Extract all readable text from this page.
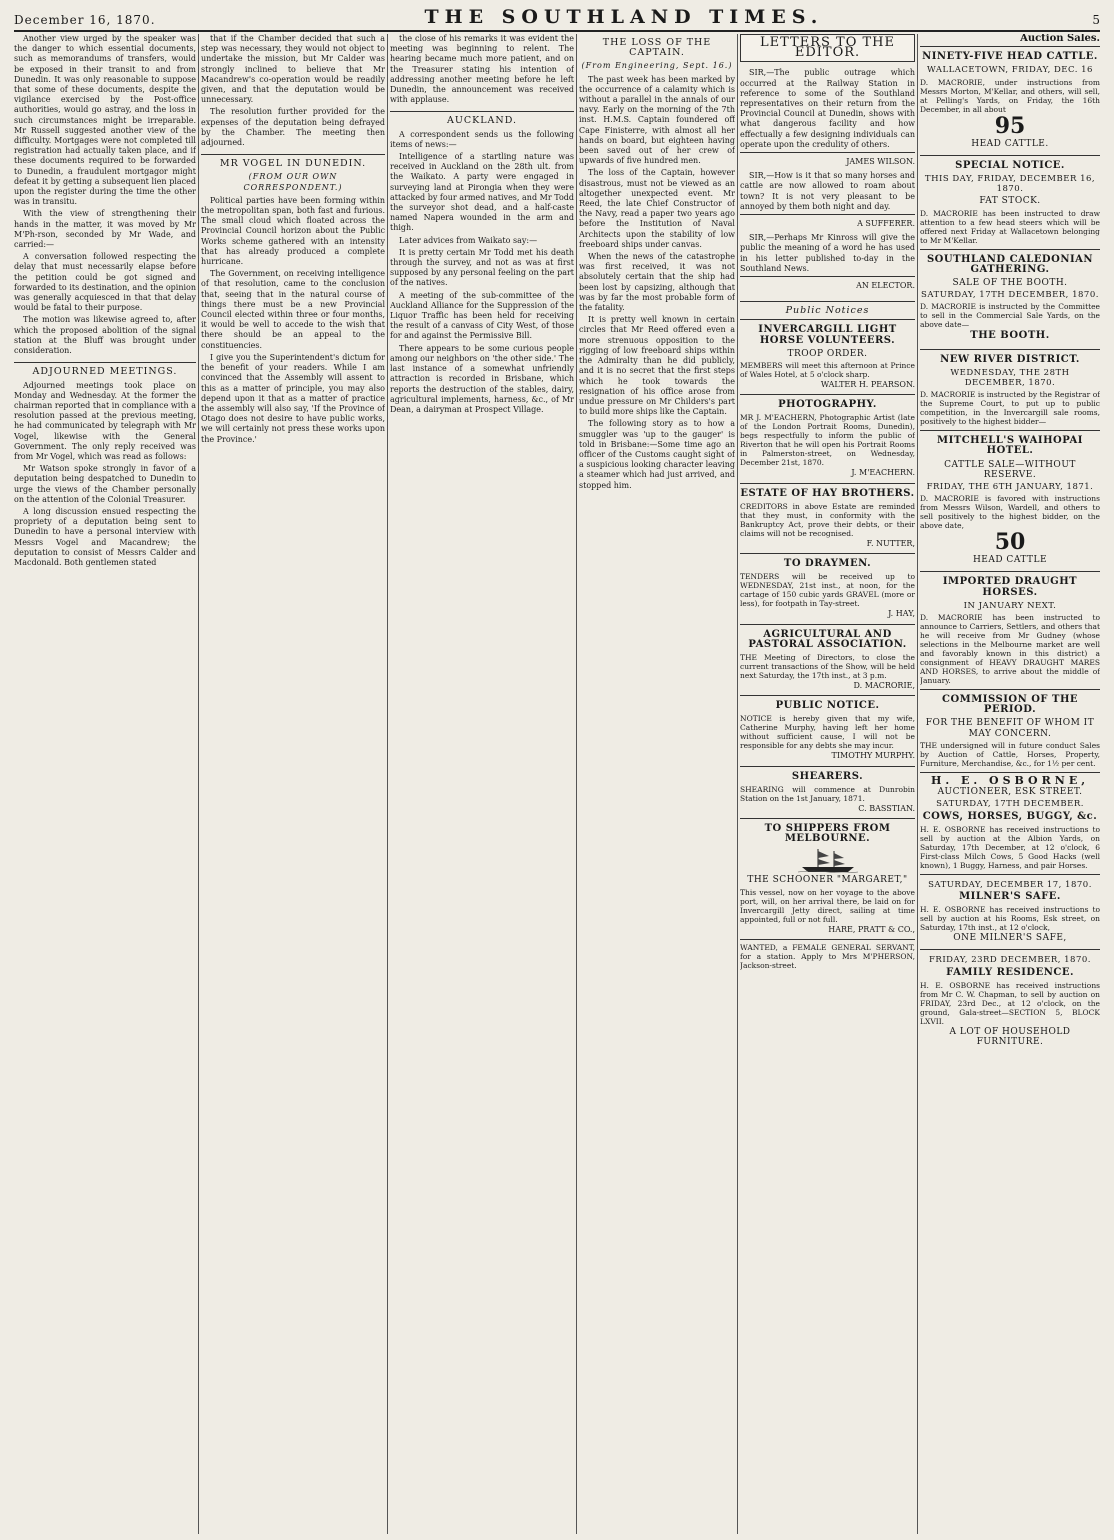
December 16, 1870.	THE SOUTHLAND TIMES.	5

Another view urged by the speaker was the danger to which essential documents, such as memorandums of transfers, would be exposed in their transit to and from Dunedin. It was only reasonable to suppose that some of these documents, despite the vigilance exercised by the Post-office authorities, would go astray, and the loss in such circumstances might be irreparable. Mr Russell suggested another view of the difficulty. Mortgages were not completed till registration had actually taken place, and if these documents required to be forwarded to Dunedin, a fraudulent mortgagor might defeat it by getting a subsequent lien placed upon the register during the time the other was in transitu.

With the view of strengthening their hands in the matter, it was moved by Mr M'Ph-rson, seconded by Mr Wade, and carried:—

A conversation followed respecting the delay that must necessarily elapse before the petition could be got signed and forwarded to its destination, and the opinion was generally acquiesced in that that delay would be fatal to their purpose.

The motion was likewise agreed to, after which the proposed abolition of the signal station at the Bluff was brought under consideration.

ADJOURNED MEETINGS.

Adjourned meetings took place on Monday and Wednesday. At the former the chairman reported that in compliance with a resolution passed at the previous meeting, he had communicated by telegraph with Mr Vogel, likewise with the General Government. The only reply received was from Mr Vogel, which was read as follows:

Mr Watson spoke strongly in favor of a deputation being despatched to Dunedin to urge the views of the Chamber personally on the attention of the Colonial Treasurer.

A long discussion ensued respecting the propriety of a deputation being sent to Dunedin to have a personal interview with Messrs Vogel and Macandrew; the deputation to consist of Messrs Calder and Macdonald. Both gentlemen stated

that if the Chamber decided that such a step was necessary, they would not object to undertake the mission, but Mr Calder was strongly inclined to believe that Mr Macandrew's co-operation would be readily given, and that the deputation would be unnecessary.

The resolution further provided for the expenses of the deputation being defrayed by the Chamber. The meeting then adjourned.

MR VOGEL IN DUNEDIN.
(FROM OUR OWN CORRESPONDENT.)

Political parties have been forming within the metropolitan span, both fast and furious. The small cloud which floated across the Provincial Council horizon about the Public Works scheme gathered with an intensity that has already produced a complete hurricane.

The Government, on receiving intelligence of that resolution, came to the conclusion that, seeing that in the natural course of things there must be a new Provincial Council elected within three or four months, it would be well to accede to the wish that there should be an appeal to the constituencies.

I give you the Superintendent's dictum for the benefit of your readers. While I am convinced that the Assembly will assent to this as a matter of principle, you may also depend upon it that as a matter of practice the assembly will also say, 'If the Province of Otago does not desire to have public works, we will certainly not press these works upon the Province.'

the close of his remarks it was evident the meeting was beginning to relent. The hearing became much more patient, and on the Treasurer stating his intention of addressing another meeting before he left Dunedin, the announcement was received with applause.

AUCKLAND.

A correspondent sends us the following items of news:—

Intelligence of a startling nature was received in Auckland on the 28th ult. from the Waikato. A party were engaged in surveying land at Pirongia when they were attacked by four armed natives, and Mr Todd the surveyor shot dead, and a half-caste named Napera wounded in the arm and thigh.

Later advices from Waikato say:—

It is pretty certain Mr Todd met his death through the survey, and not as was at first supposed by any personal feeling on the part of the natives.

A meeting of the sub-committee of the Auckland Alliance for the Suppression of the Liquor Traffic has been held for receiving the result of a canvass of City West, of those for and against the Permissive Bill.

There appears to be some curious people among our neighbors on 'the other side.' The last instance of a somewhat unfriendly attraction is recorded in Brisbane, which reports the destruction of the stables, dairy, agricultural implements, harness, &c., of Mr Dean, a dairyman at Prospect Village.

THE LOSS OF THE CAPTAIN.
(From Engineering, Sept. 16.)

The past week has been marked by the occurrence of a calamity which is without a parallel in the annals of our navy. Early on the morning of the 7th inst. H.M.S. Captain foundered off Cape Finisterre, with almost all her hands on board, but eighteen having been saved out of her crew of upwards of five hundred men.

The loss of the Captain, however disastrous, must not be viewed as an altogether unexpected event. Mr Reed, the late Chief Constructor of the Navy, read a paper two years ago before the Institution of Naval Architects upon the stability of low freeboard ships under canvas.

When the news of the catastrophe was first received, it was not absolutely certain that the ship had been lost by capsizing, although that was by far the most probable form of the fatality.

It is pretty well known in certain circles that Mr Reed offered even a more strenuous opposition to the rigging of low freeboard ships within the Admiralty than he did publicly, and it is no secret that the first steps which he took towards the resignation of his office arose from undue pressure on Mr Childers's part to build more ships like the Captain.

The following story as to how a smuggler was 'up to the gauger' is told in Brisbane:—Some time ago an officer of the Customs caught sight of a suspicious looking character leaving a steamer which had just arrived, and stopped him.

LETTERS TO THE EDITOR.

SIR,—The public outrage which occurred at the Railway Station in reference to some of the Southland representatives on their return from the Provincial Council at Dunedin, shows with what dangerous facility and how effectually a few designing individuals can operate upon the credulity of others.

JAMES WILSON.

SIR,—How is it that so many horses and cattle are now allowed to roam about town? It is not very pleasant to be annoyed by them both night and day.

A SUFFERER.

SIR,—Perhaps Mr Kinross will give the public the meaning of a word he has used in his letter published to-day in the Southland News.

AN ELECTOR.
Public Notices
INVERCARGILL LIGHT HORSE VOLUNTEERS.
TROOP ORDER.
MEMBERS will meet this afternoon at Prince of Wales Hotel, at 5 o'clock sharp.
WALTER H. PEARSON.
PHOTOGRAPHY.
MR J. M'EACHERN, Photographic Artist (late of the London Portrait Rooms, Dunedin), begs respectfully to inform the public of Riverton that he will open his Portrait Rooms in Palmerston-street, on Wednesday, December 21st, 1870.
J. M'EACHERN.
ESTATE OF HAY BROTHERS.
CREDITORS in above Estate are reminded that they must, in conformity with the Bankruptcy Act, prove their debts, or their claims will not be recognised.
F. NUTTER,
TO DRAYMEN.
TENDERS will be received up to WEDNESDAY, 21st inst., at noon, for the cartage of 150 cubic yards GRAVEL (more or less), for footpath in Tay-street.
J. HAY,
AGRICULTURAL AND PASTORAL ASSOCIATION.
THE Meeting of Directors, to close the current transactions of the Show, will be held next Saturday, the 17th inst., at 3 p.m.
D. MACRORIE,
PUBLIC NOTICE.
NOTICE is hereby given that my wife, Catherine Murphy, having left her home without sufficient cause, I will not be responsible for any debts she may incur.
TIMOTHY MURPHY.
SHEARERS.
SHEARING will commence at Dunrobin Station on the 1st January, 1871.
C. BASSTIAN.
TO SHIPPERS FROM MELBOURNE.
THE SCHOONER "MARGARET,"
This vessel, now on her voyage to the above port, will, on her arrival there, be laid on for Invercargill Jetty direct, sailing at time appointed, full or not full.
HARE, PRATT & CO.,
WANTED, a FEMALE GENERAL SERVANT, for a station. Apply to Mrs M'PHERSON, Jackson-street.
Auction Sales.
NINETY-FIVE HEAD CATTLE.
WALLACETOWN, FRIDAY, DEC. 16
D. MACRORIE, under instructions from Messrs Morton, M'Kellar, and others, will sell, at Pelling's Yards, on Friday, the 16th December, in all about
95
HEAD CATTLE.
SPECIAL NOTICE.
THIS DAY, FRIDAY, DECEMBER 16, 1870.
FAT STOCK.
D. MACRORIE has been instructed to draw attention to a few head steers which will be offered next Friday at Wallacetown belonging to Mr M'Kellar.
SOUTHLAND CALEDONIAN GATHERING.
SALE OF THE BOOTH.
SATURDAY, 17TH DECEMBER, 1870.
D. MACRORIE is instructed by the Committee to sell in the Commercial Sale Yards, on the above date—
THE BOOTH.
NEW RIVER DISTRICT.
WEDNESDAY, THE 28TH DECEMBER, 1870.
D. MACRORIE is instructed by the Registrar of the Supreme Court, to put up to public competition, in the Invercargill sale rooms, positively to the highest bidder—
MITCHELL'S WAIHOPAI HOTEL.
CATTLE SALE—WITHOUT RESERVE.
FRIDAY, THE 6TH JANUARY, 1871.
D. MACRORIE is favored with instructions from Messrs Wilson, Wardell, and others to sell positively to the highest bidder, on the above date,
50
HEAD CATTLE
IMPORTED DRAUGHT HORSES.
IN JANUARY NEXT.
D. MACRORIE has been instructed to announce to Carriers, Settlers, and others that he will receive from Mr Gudney (whose selections in the Melbourne market are well and favorably known in this district) a consignment of HEAVY DRAUGHT MARES AND HORSES, to arrive about the middle of January.
COMMISSION OF THE PERIOD.
FOR THE BENEFIT OF WHOM IT MAY CONCERN.
THE undersigned will in future conduct Sales by Auction of Cattle, Horses, Property, Furniture, Merchandise, &c., for 1½ per cent.
H. E. OSBORNE,
AUCTIONEER, ESK STREET.
SATURDAY, 17TH DECEMBER.
COWS, HORSES, BUGGY, &c.
H. E. OSBORNE has received instructions to sell by auction at the Albion Yards, on Saturday, 17th December, at 12 o'clock, 6 First-class Milch Cows, 5 Good Hacks (well known), 1 Buggy, Harness, and pair Horses.
SATURDAY, DECEMBER 17, 1870.
MILNER'S SAFE.
H. E. OSBORNE has received instructions to sell by auction at his Rooms, Esk street, on Saturday, 17th inst., at 12 o'clock,
ONE MILNER'S SAFE,
FRIDAY, 23RD DECEMBER, 1870.
FAMILY RESIDENCE.
H. E. OSBORNE has received instructions from Mr C. W. Chapman, to sell by auction on FRIDAY, 23rd Dec., at 12 o'clock, on the ground, Gala-street—SECTION 5, BLOCK LXVII.
A LOT OF HOUSEHOLD FURNITURE.
